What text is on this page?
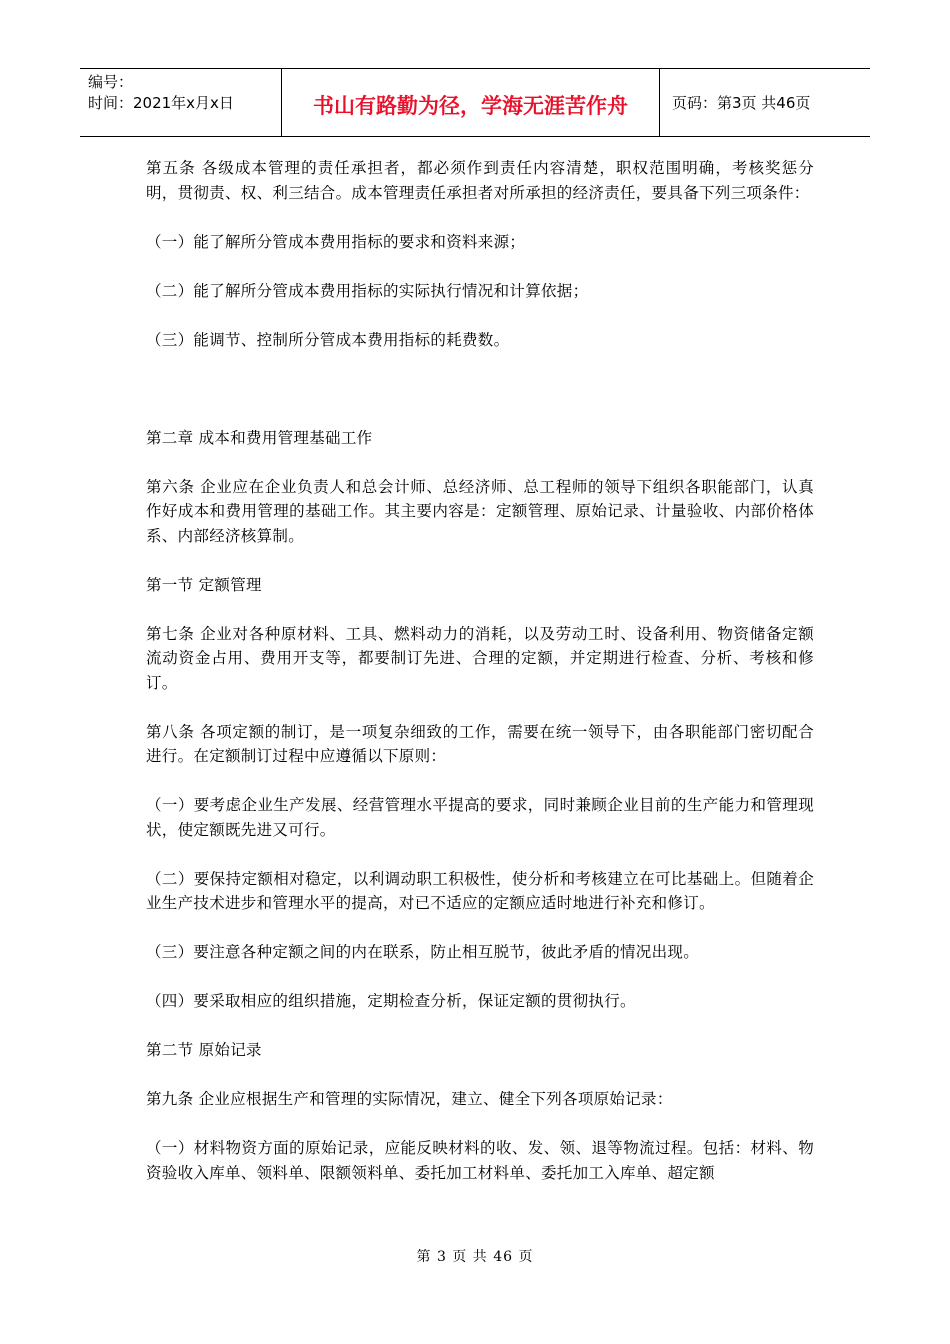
编号：
时间：2021年x月x日	书山有路勤为径，学海无涯苦作舟	页码：第3页 共46页

第五条 各级成本管理的责任承担者，都必须作到责任内容清楚，职权范围明确，考核奖惩分明，贯彻责、权、利三结合。成本管理责任承担者对所承担的经济责任，要具备下列三项条件：

（一）能了解所分管成本费用指标的要求和资料来源；

（二）能了解所分管成本费用指标的实际执行情况和计算依据；

（三）能调节、控制所分管成本费用指标的耗费数。

第二章 成本和费用管理基础工作

第六条 企业应在企业负责人和总会计师、总经济师、总工程师的领导下组织各职能部门，认真作好成本和费用管理的基础工作。其主要内容是：定额管理、原始记录、计量验收、内部价格体系、内部经济核算制。

第一节 定额管理

第七条 企业对各种原材料、工具、燃料动力的消耗，以及劳动工时、设备利用、物资储备定额流动资金占用、费用开支等，都要制订先进、合理的定额，并定期进行检查、分析、考核和修订。

第八条 各项定额的制订，是一项复杂细致的工作，需要在统一领导下，由各职能部门密切配合进行。在定额制订过程中应遵循以下原则：

（一）要考虑企业生产发展、经营管理水平提高的要求，同时兼顾企业目前的生产能力和管理现状，使定额既先进又可行。

（二）要保持定额相对稳定，以利调动职工积极性，使分析和考核建立在可比基础上。但随着企业生产技术进步和管理水平的提高，对已不适应的定额应适时地进行补充和修订。

（三）要注意各种定额之间的内在联系，防止相互脱节，彼此矛盾的情况出现。

（四）要采取相应的组织措施，定期检查分析，保证定额的贯彻执行。

第二节 原始记录

第九条 企业应根据生产和管理的实际情况，建立、健全下列各项原始记录：

（一）材料物资方面的原始记录，应能反映材料的收、发、领、退等物流过程。包括：材料、物资验收入库单、领料单、限额领料单、委托加工材料单、委托加工入库单、超定额

第 3 页 共 46 页
